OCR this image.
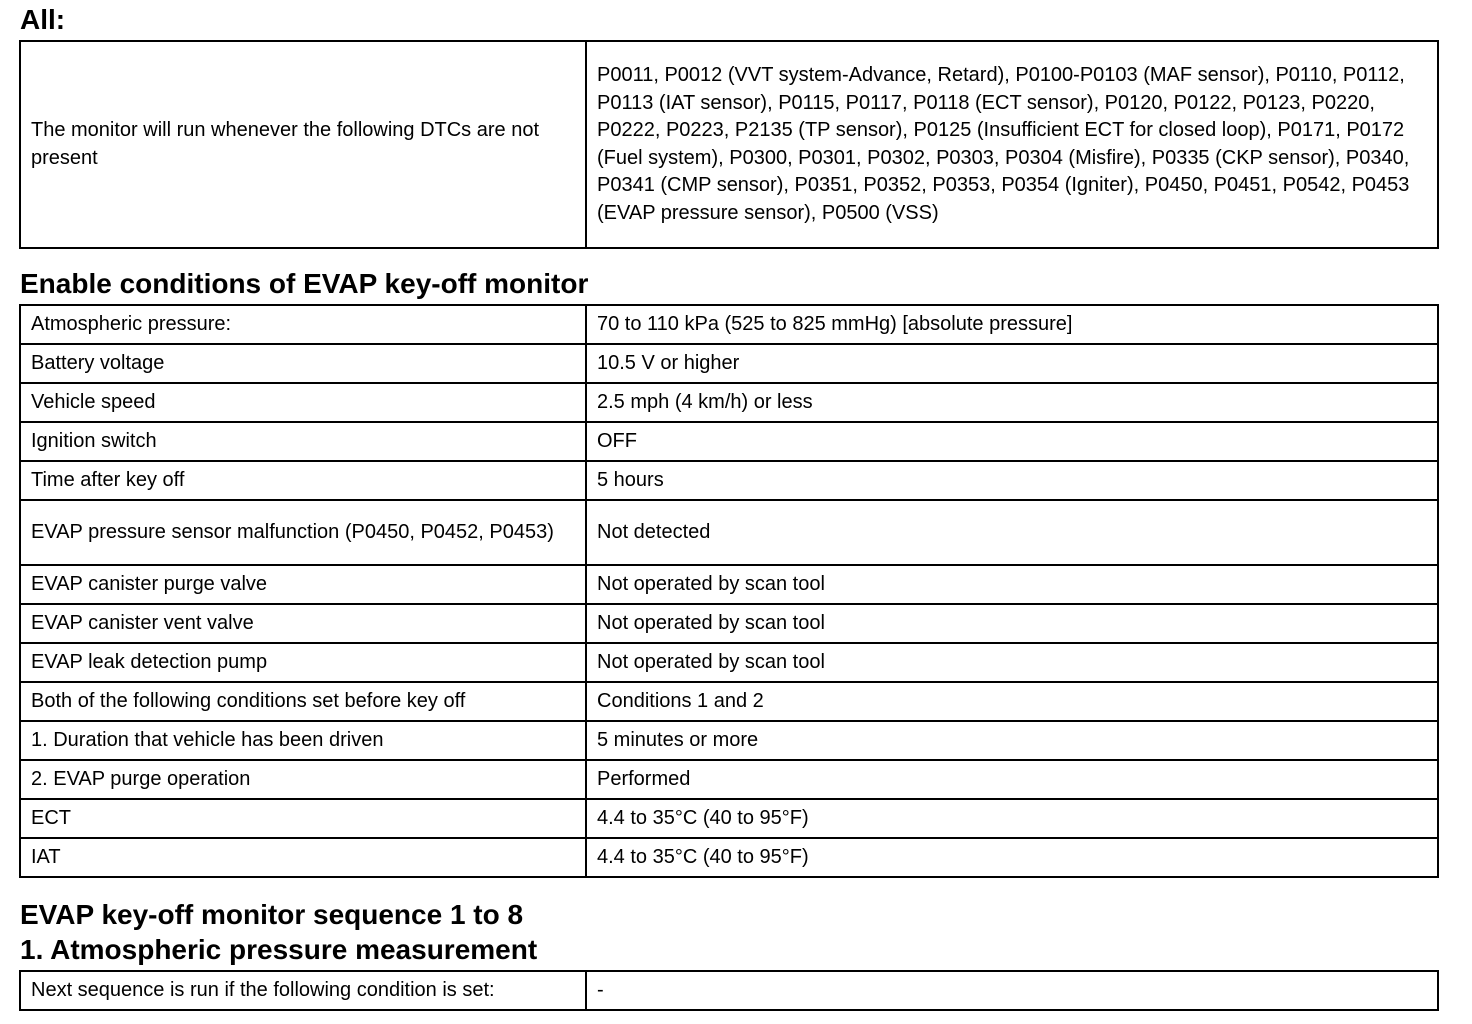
All:
The monitor will run whenever the following DTCs are not present	P0011, P0012 (VVT system-Advance, Retard), P0100-P0103 (MAF sensor), P0110, P0112, P0113 (IAT sensor), P0115, P0117, P0118 (ECT sensor), P0120, P0122, P0123, P0220, P0222, P0223, P2135 (TP sensor), P0125 (Insufficient ECT for closed loop), P0171, P0172 (Fuel system), P0300, P0301, P0302, P0303, P0304 (Misfire), P0335 (CKP sensor), P0340, P0341 (CMP sensor), P0351, P0352, P0353, P0354 (Igniter), P0450, P0451, P0542, P0453 (EVAP pressure sensor), P0500 (VSS)
Enable conditions of EVAP key-off monitor
Atmospheric pressure:	70 to 110 kPa (525 to 825 mmHg) [absolute pressure]
Battery voltage	10.5 V or higher
Vehicle speed	2.5 mph (4 km/h) or less
Ignition switch	OFF
Time after key off	5 hours
EVAP pressure sensor malfunction (P0450, P0452, P0453)	Not detected
EVAP canister purge valve	Not operated by scan tool
EVAP canister vent valve	Not operated by scan tool
EVAP leak detection pump	Not operated by scan tool
Both of the following conditions set before key off	Conditions 1 and 2
1. Duration that vehicle has been driven	5 minutes or more
2. EVAP purge operation	Performed
ECT	4.4 to 35°C (40 to 95°F)
IAT	4.4 to 35°C (40 to 95°F)
EVAP key-off monitor sequence 1 to 8
1. Atmospheric pressure measurement
Next sequence is run if the following condition is set:	-
